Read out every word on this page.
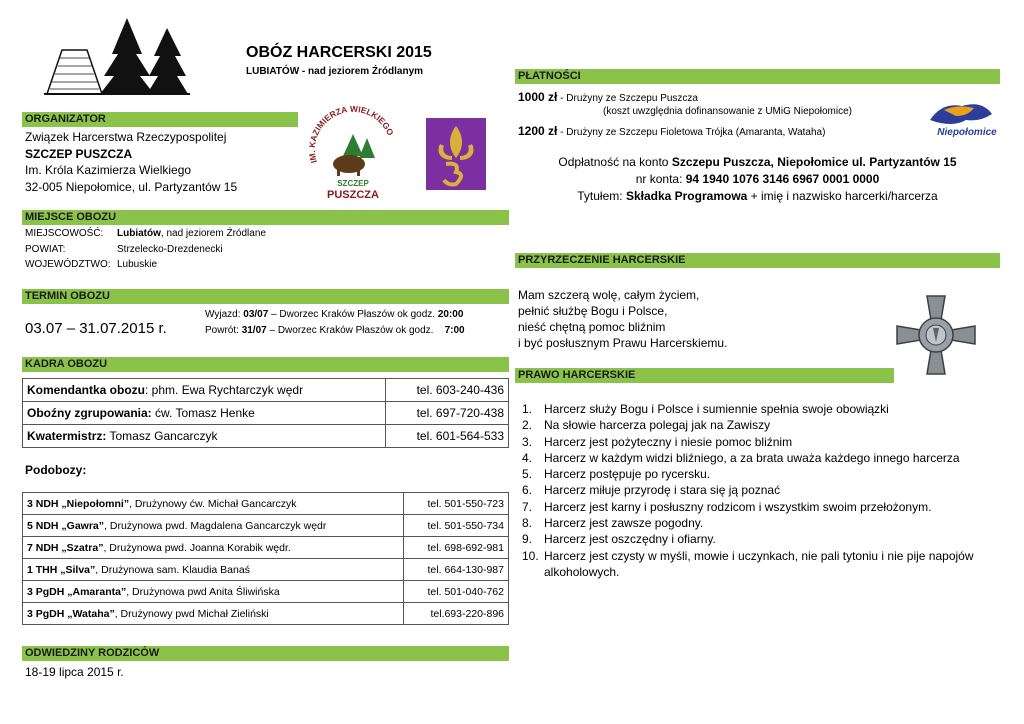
OBÓZ HARCERSKI 2015
LUBIATÓW - nad jeziorem Źródlanym
ORGANIZATOR
Związek Harcerstwa Rzeczypospolitej
SZCZEP PUSZCZA
Im. Króla Kazimierza Wielkiego
32-005 Niepołomice, ul. Partyzantów 15
IM. KAZIMIERZA WIELKIEGO
SZCZEP
PUSZCZA
MIEJSCE OBOZU
MIEJSCOWOŚĆ: Lubiatów, nad jeziorem Źródlane
POWIAT:	Strzelecko-Drezdenecki
WOJEWÓDZTWO: Lubuskie
TERMIN OBOZU
03.07 – 31.07.2015 r.
Wyjazd: 03/07 – Dworzec Kraków Płaszów ok godz. 20:00
Powrót: 31/07 – Dworzec Kraków Płaszów ok godz. 7:00
KADRA OBOZU
Komendantka obozu: phm. Ewa Rychtarczyk wędr	tel. 603-240-436
Oboźny zgrupowania: ćw. Tomasz Henke	tel. 697-720-438
Kwatermistrz: Tomasz Gancarczyk	tel. 601-564-533
Podobozy:
3 NDH „Niepołomni”, Drużynowy ćw. Michał Gancarczyk	tel. 501-550-723
5 NDH „Gawra”, Drużynowa pwd. Magdalena Gancarczyk wędr	tel. 501-550-734
7 NDH „Szatra”, Drużynowa pwd. Joanna Korabik wędr.	tel. 698-692-981
1 THH „Silva”, Drużynowa sam. Klaudia Banaś	tel. 664-130-987
3 PgDH „Amaranta”, Drużynowa pwd Anita Śliwińska	tel. 501-040-762
3 PgDH „Wataha”, Drużynowy pwd Michał Zieliński	tel.693-220-896
ODWIEDZINY RODZICÓW
18-19 lipca 2015 r.
PŁATNOŚCI
1000 zł - Drużyny ze Szczepu Puszcza
(koszt uwzględnia dofinansowanie z UMiG Niepołomice)
1200 zł - Drużyny ze Szczepu Fioletowa Trójka (Amaranta, Wataha)	Niepołomice
Odpłatność na konto Szczepu Puszcza, Niepołomice ul. Partyzantów 15
nr konta: 94 1940 1076 3146 6967 0001 0000
Tytułem: Składka Programowa + imię i nazwisko harcerki/harcerza
PRZYRZECZENIE HARCERSKIE
Mam szczerą wolę, całym życiem,
pełnić służbę Bogu i Polsce,
nieść chętną pomoc bliźnim
i być posłusznym Prawu Harcerskiemu.
PRAWO HARCERSKIE
1. Harcerz służy Bogu i Polsce i sumiennie spełnia swoje obowiązki
2. Na słowie harcerza polegaj jak na Zawiszy
3. Harcerz jest pożyteczny i niesie pomoc bliźnim
4. Harcerz w każdym widzi bliźniego, a za brata uważa każdego innego harcerza
5. Harcerz postępuje po rycersku.
6. Harcerz miłuje przyrodę i stara się ją poznać
7. Harcerz jest karny i posłuszny rodzicom i wszystkim swoim przełożonym.
8. Harcerz jest zawsze pogodny.
9. Harcerz jest oszczędny i ofiarny.
10. Harcerz jest czysty w myśli, mowie i uczynkach, nie pali tytoniu i nie pije napojów alkoholowych.
